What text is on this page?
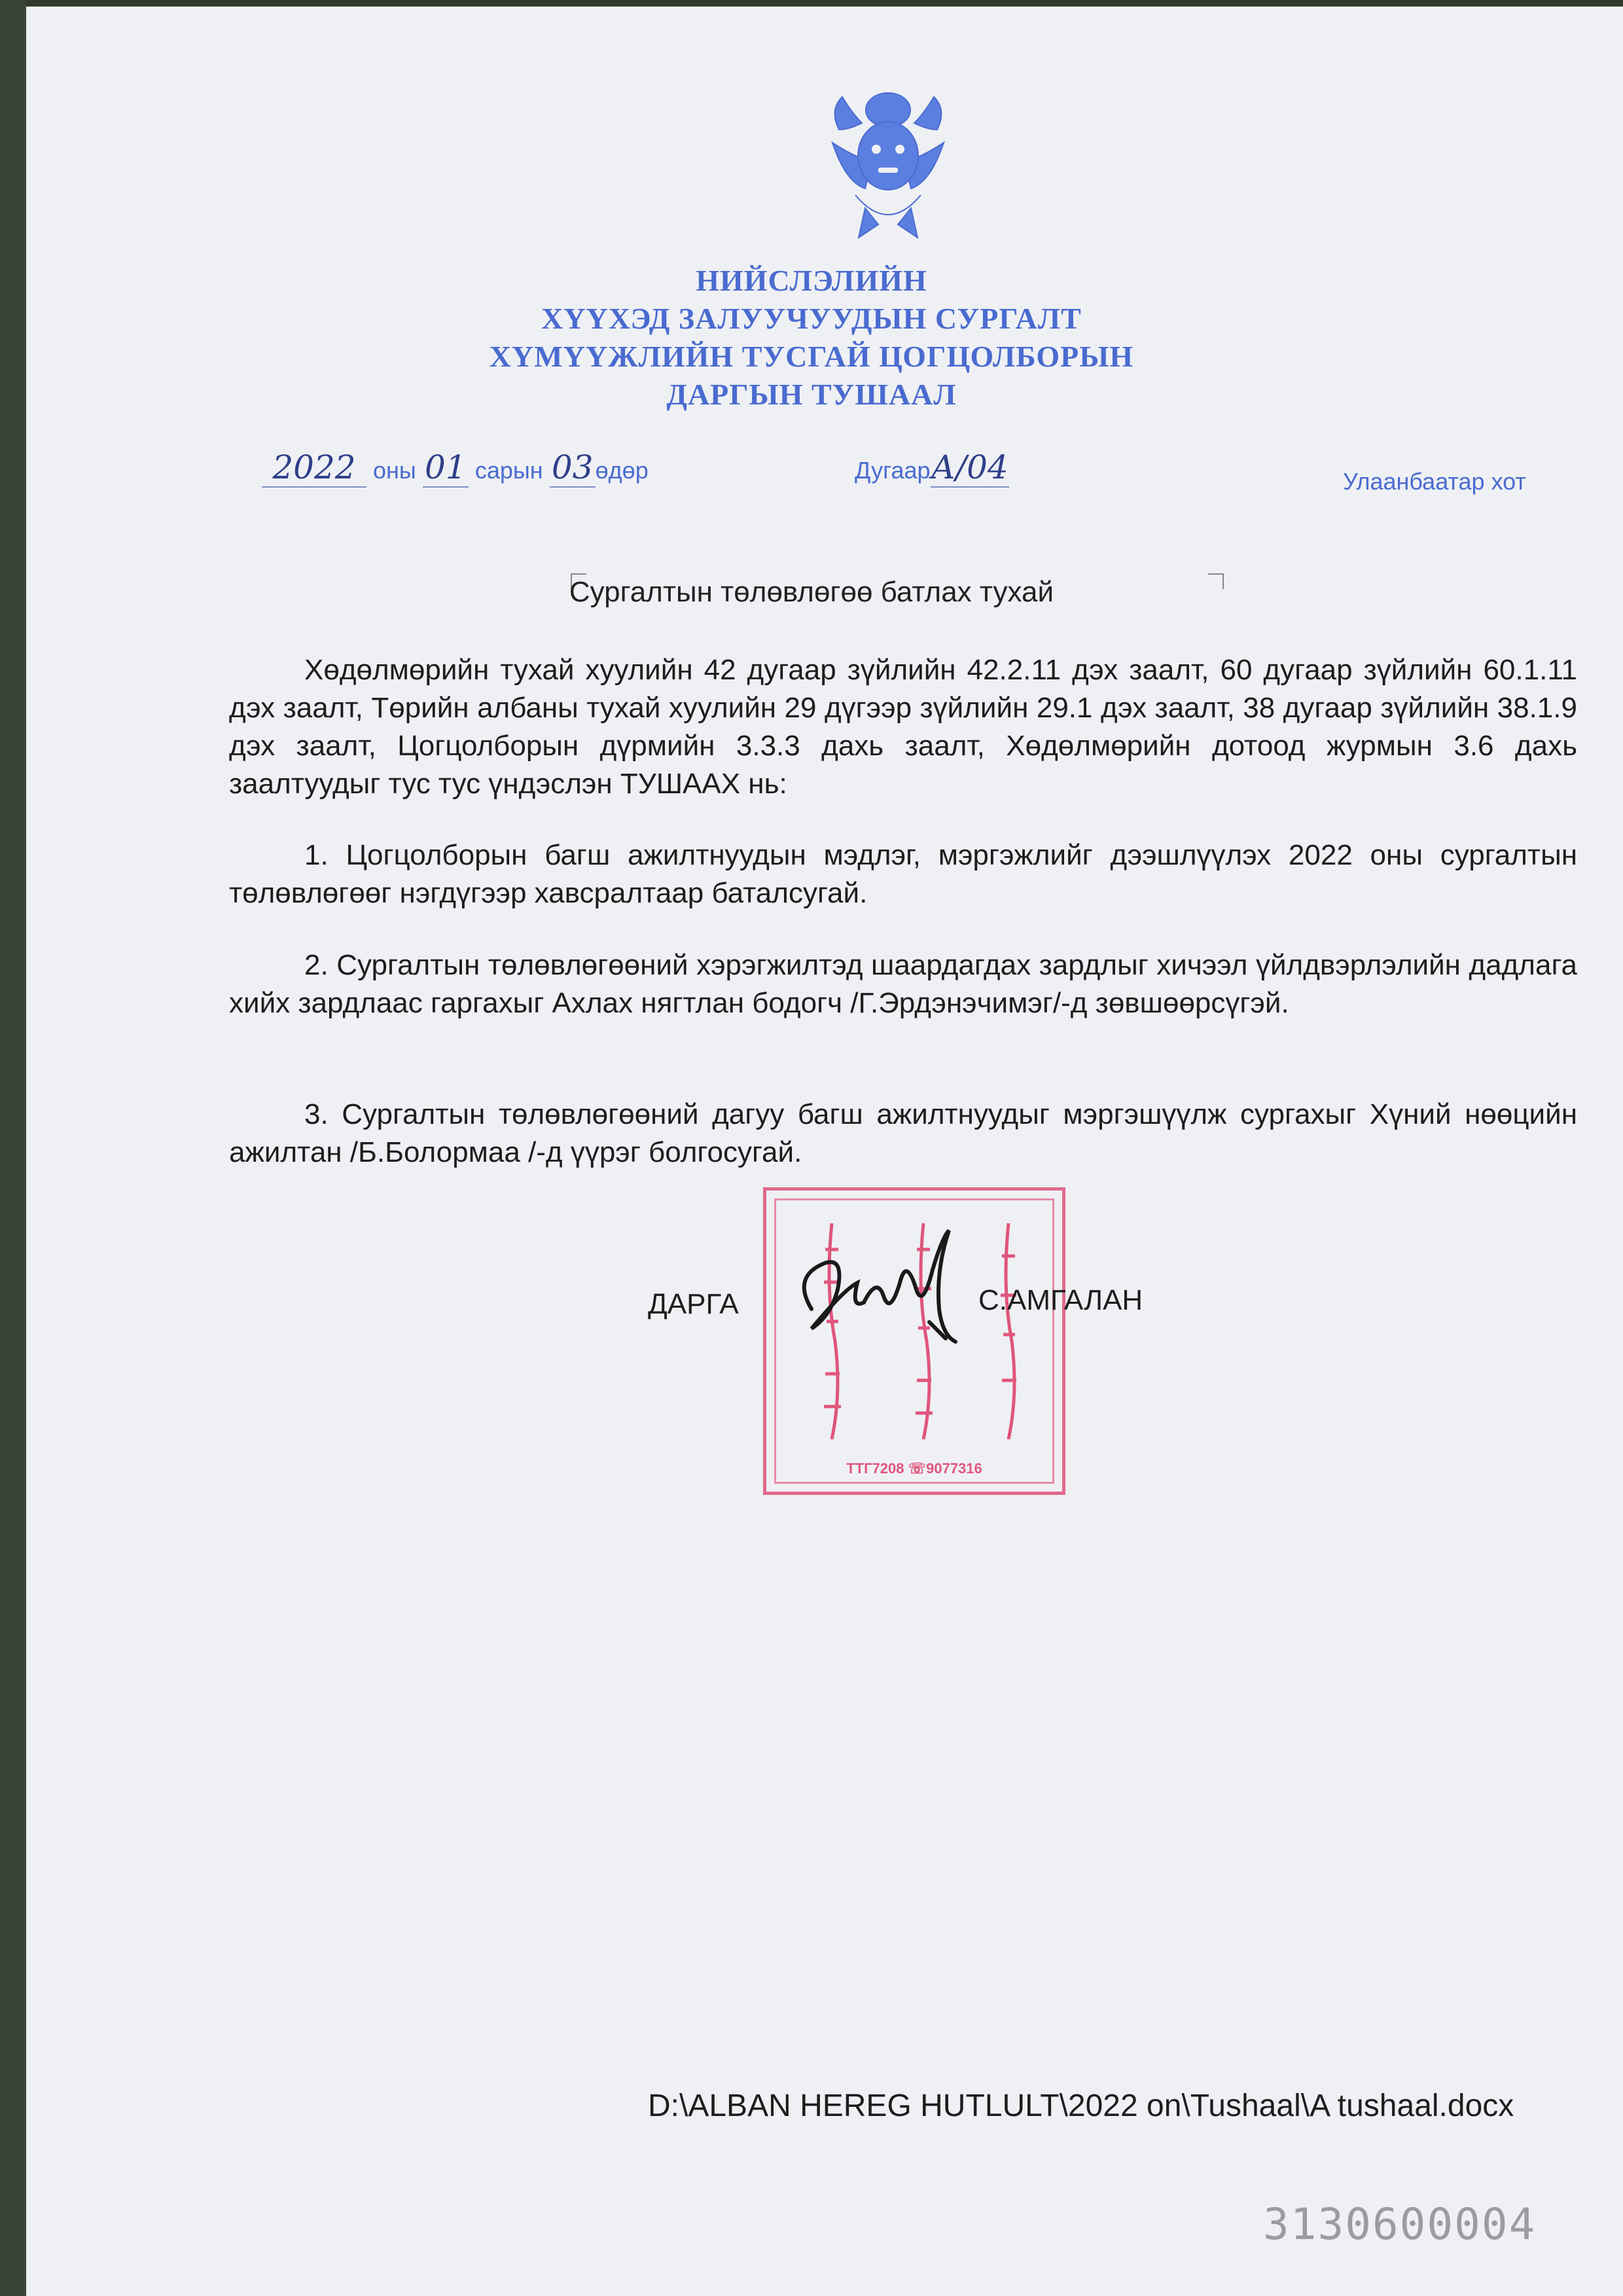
НИЙСЛЭЛИЙН
ХҮҮХЭД ЗАЛУУЧУУДЫН СУРГАЛТ
ХҮМҮҮЖЛИЙН ТУСГАЙ ЦОГЦОЛБОРЫН
ДАРГЫН ТУШААЛ
2022 оны 01 сарын 03өдөр	ДугаарА/04	Улаанбаатар хот
Сургалтын төлөвлөгөө батлах тухай
Хөдөлмөрийн тухай хуулийн 42 дугаар зүйлийн 42.2.11 дэх заалт, 60 дугаар зүйлийн 60.1.11 дэх заалт, Төрийн албаны тухай хуулийн 29 дүгээр зүйлийн 29.1 дэх заалт, 38 дугаар зүйлийн 38.1.9 дэх заалт, Цогцолборын дүрмийн 3.3.3 дахь заалт, Хөдөлмөрийн дотоод журмын 3.6 дахь заалтуудыг тус тус үндэслэн ТУШААХ нь:
1. Цогцолборын багш ажилтнуудын мэдлэг, мэргэжлийг дээшлүүлэх 2022 оны сургалтын төлөвлөгөөг нэгдүгээр хавсралтаар баталсугай.
2. Сургалтын төлөвлөгөөний хэрэгжилтэд шаардагдах зардлыг хичээл үйлдвэрлэлийн дадлага хийх зардлаас гаргахыг Ахлах нягтлан бодогч /Г.Эрдэнэчимэг/-д зөвшөөрсүгэй.
3. Сургалтын төлөвлөгөөний дагуу багш ажилтнуудыг мэргэшүүлж сургахыг Хүний нөөцийн ажилтан /Б.Болормаа /-д үүрэг болгосугай.
ТТГ7208 ☏9077316
ДАРГА	С.АМГАЛАН
D:\ALBAN HEREG HUTLULT\2022 on\Tushaal\A tushaal.docx
3130600004
